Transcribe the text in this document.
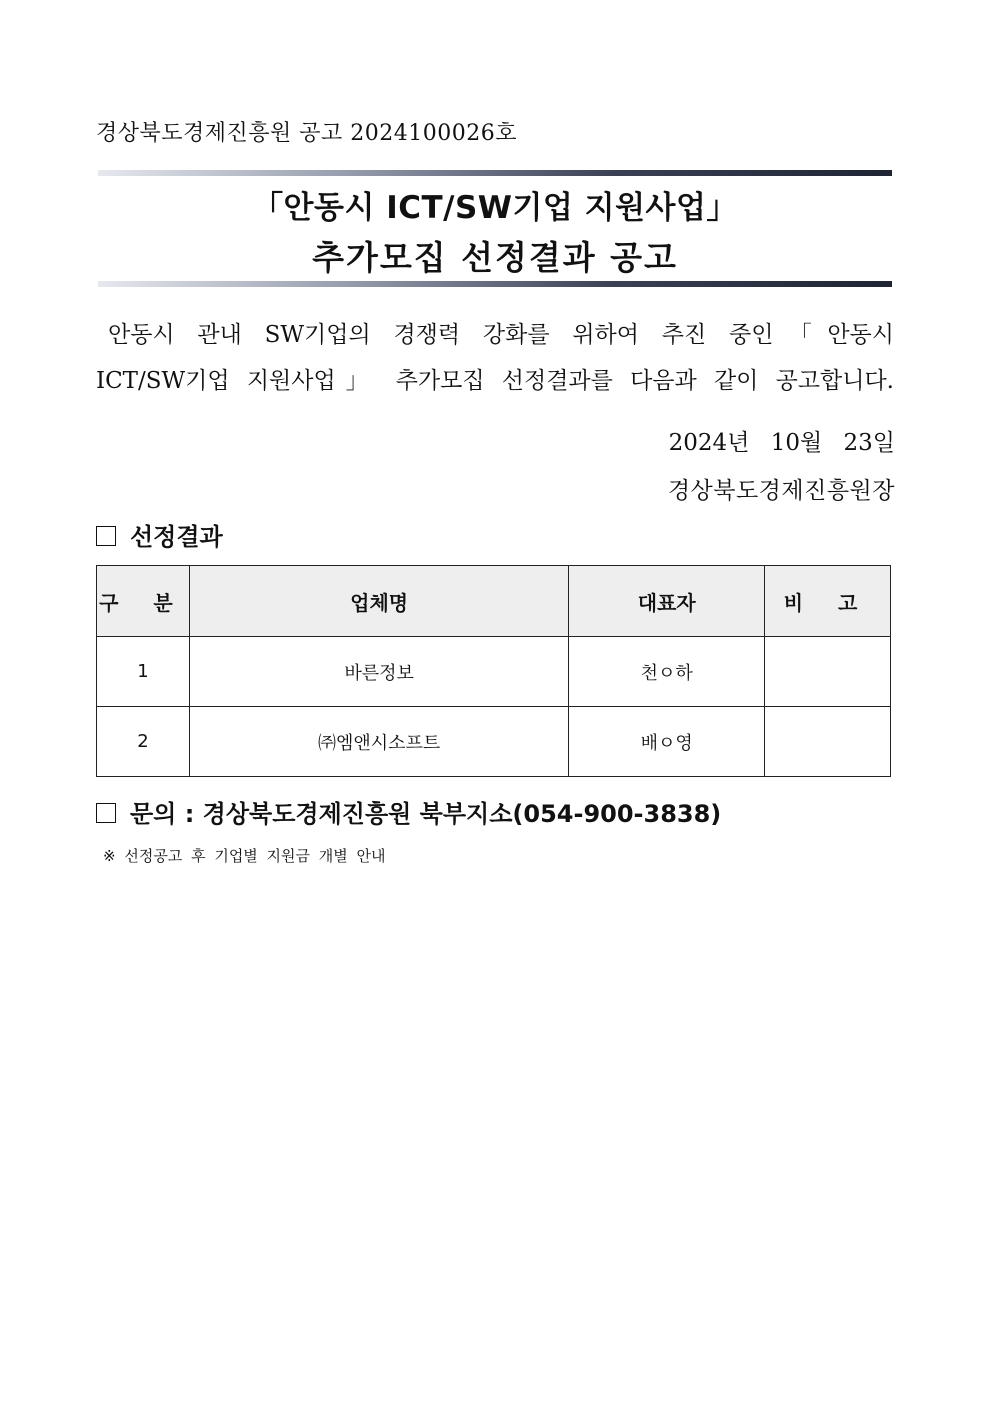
경상북도경제진흥원 공고 2024100026호
「안동시 ICT/SW기업 지원사업」
추가모집 선정결과 공고
안동시 관내 SW기업의 경쟁력 강화를 위하여 추진 중인「안동시
ICT/SW기업 지원사업」 추가모집 선정결과를 다음과 같이 공고합니다.
2024년 10월 23일
경상북도경제진흥원장
선정결과
구 분	업체명	대표자	비 고
1	바른정보	천ㅇ하	
2	㈜엠앤시소프트	배ㅇ영	
문의 : 경상북도경제진흥원 북부지소(054-900-3838)
※ 선정공고 후 기업별 지원금 개별 안내
